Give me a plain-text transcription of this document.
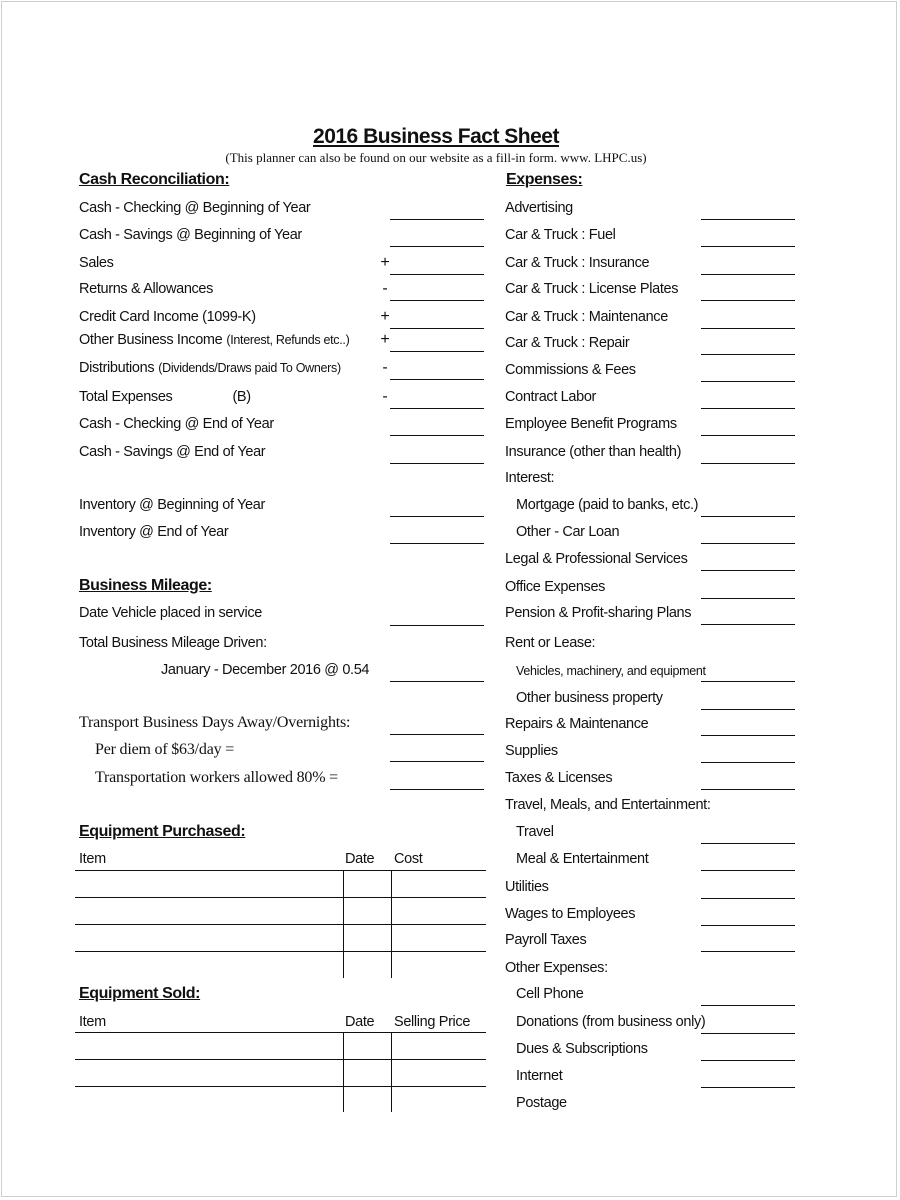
2016 Business Fact Sheet
(This planner can also be found on our website as a fill-in form. www. LHPC.us)
Cash Reconciliation:
Cash - Checking @ Beginning of Year
Cash - Savings @ Beginning of Year
Sales	+
Returns & Allowances	-
Credit Card Income (1099-K)	+
Other Business Income (Interest, Refunds etc..) +
Distributions (Dividends/Draws paid To Owners)	-
Total Expenses	(B)	-
Cash - Checking @ End of Year
Cash - Savings @ End of Year
Inventory @ Beginning of Year
Inventory @ End of Year
Business Mileage:
Date Vehicle placed in service
Total Business Mileage Driven:
January - December 2016 @ 0.54
Transport Business Days Away/Overnights:
Per diem of $63/day =
Transportation workers allowed 80% =
Equipment Purchased:
Item	Date Cost
Equipment Sold:
Item	Date Selling Price
Expenses:
Advertising
Car & Truck : Fuel
Car & Truck : Insurance
Car & Truck : License Plates
Car & Truck : Maintenance
Car & Truck : Repair
Commissions & Fees
Contract Labor
Employee Benefit Programs
Insurance (other than health)
Interest:
Mortgage (paid to banks, etc.)
Other - Car Loan
Legal & Professional Services
Office Expenses
Pension & Profit-sharing Plans
Rent or Lease:
Vehicles, machinery, and equipment
Other business property
Repairs & Maintenance
Supplies
Taxes & Licenses
Travel, Meals, and Entertainment:
Travel
Meal & Entertainment
Utilities
Wages to Employees
Payroll Taxes
Other Expenses:
Cell Phone
Donations (from business only)
Dues & Subscriptions
Internet
Postage
